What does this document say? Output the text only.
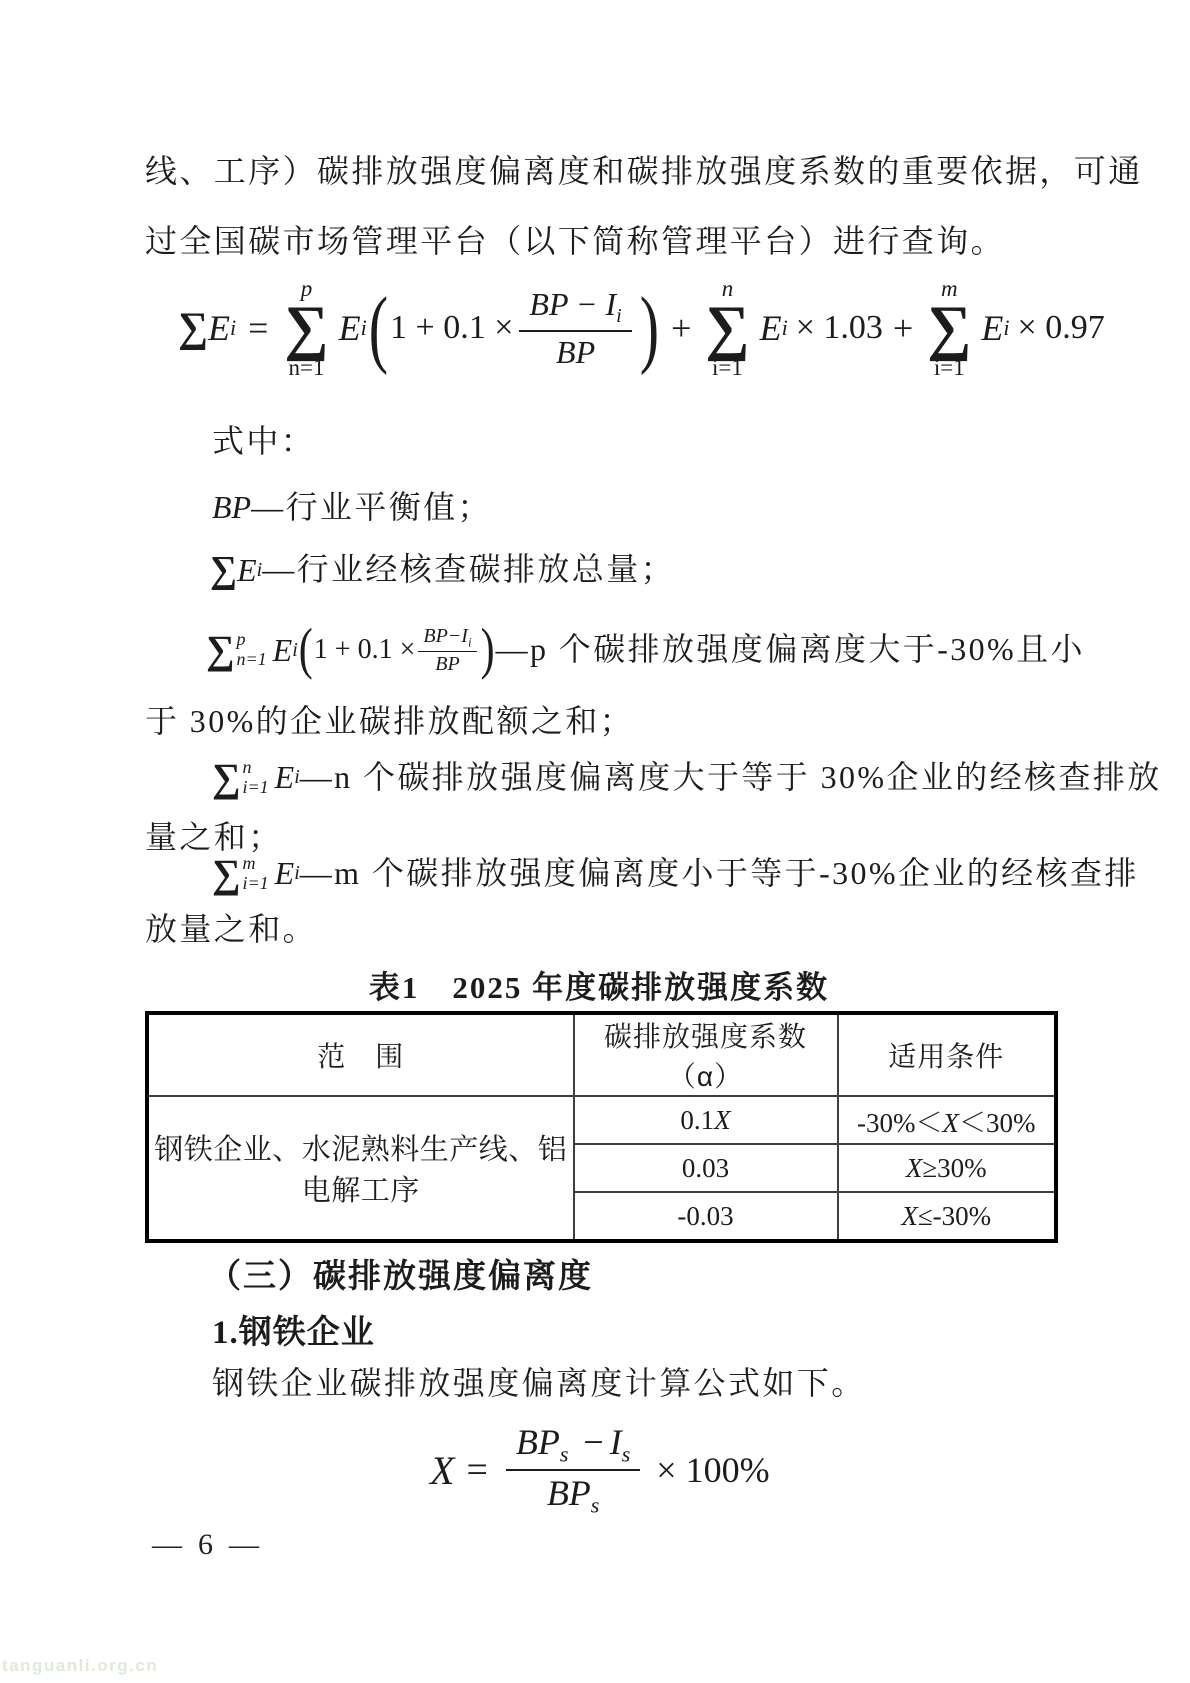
线、工序）碳排放强度偏离度和碳排放强度系数的重要依据，可通
过全国碳市场管理平台（以下简称管理平台）进行查询。
∑ E i =
p
∑
n=1
E i ( $1 + 0.1 \times \frac{BP - I_i}{BP}$ ) +
n
∑
i=1
E i × 1.03 +
m
∑
i=1
E i × 0.97
式中：
BP —行业平衡值；
∑ E i —行业经核查碳排放总量；
∑ p
n=1 E i ( $1 + 0.1 \times \frac{BP-I_i}{BP}$ ) —p 个碳排放强度偏离度大于-30%且小
于 30%的企业碳排放配额之和；
∑ n
i=1 E i —n 个碳排放强度偏离度大于等于 30%企业的经核查排放
量之和；
∑ m
i=1 E i —m 个碳排放强度偏离度小于等于-30%企业的经核查排
放量之和。
表1　2025 年度碳排放强度系数
范　围	碳排放强度系数（α）	适用条件
钢铁企业、水泥熟料生产线、铝电解工序	0.1X	-30%＜X＜30%
	0.03	X≥30%
	-0.03	X≤-30%
（三）碳排放强度偏离度
1.钢铁企业
钢铁企业碳排放强度偏离度计算公式如下。
$X = \frac{BP_s - I_s}{BP_s} \times 100\%$
— 6 —
tanguanli.org.cn
